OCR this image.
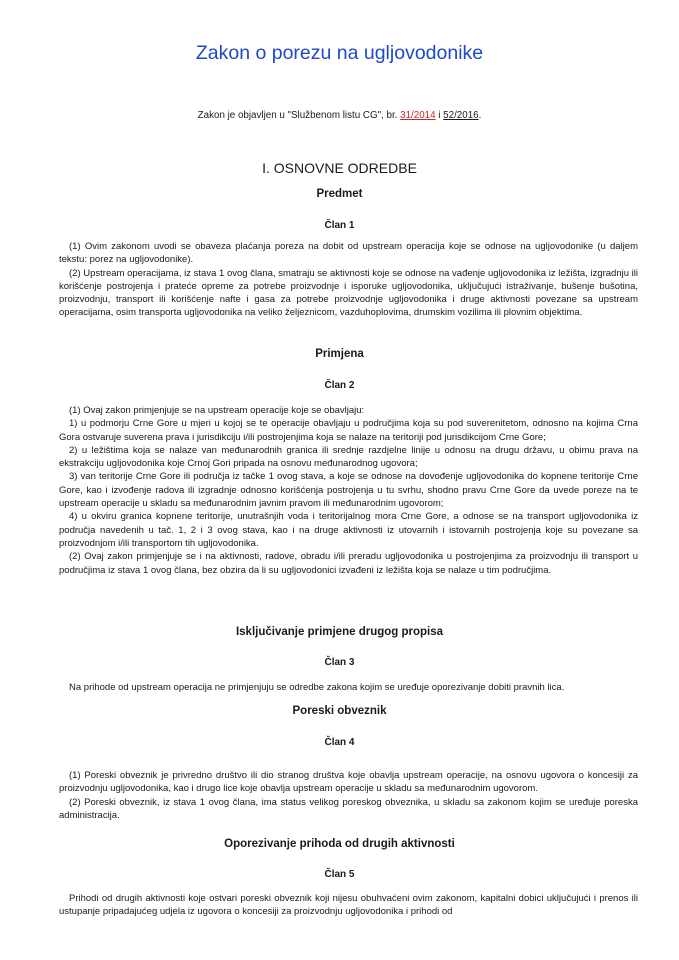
Zakon o porezu na ugljovodonike
Zakon je objavljen u "Službenom listu CG", br. 31/2014 i 52/2016.
I. OSNOVNE ODREDBE
Predmet
Član 1

(1) Ovim zakonom uvodi se obaveza plaćanja poreza na dobit od upstream operacija koje se odnose na ugljovodonike (u daljem tekstu: porez na ugljovodonike).

(2) Upstream operacijama, iz stava 1 ovog člana, smatraju se aktivnosti koje se odnose na vađenje ugljovodonika iz ležišta, izgradnju ili korišćenje postrojenja i prateće opreme za potrebe proizvodnje i isporuke ugljovodonika, uključujući istraživanje, bušenje bušotina, proizvodnju, transport ili korišćenje nafte i gasa za potrebe proizvodnje ugljovodonika i druge aktivnosti povezane sa upstream operacijama, osim transporta ugljovodonika na veliko željeznicom, vazduhoplovima, drumskim vozilima ili plovnim objektima.

Primjena
Član 2

(1) Ovaj zakon primjenjuje se na upstream operacije koje se obavljaju:

1) u podmorju Crne Gore u mjeri u kojoj se te operacije obavljaju u područjima koja su pod suverenitetom, odnosno na kojima Crna Gora ostvaruje suverena prava i jurisdikciju i/ili postrojenjima koja se nalaze na teritoriji pod jurisdikcijom Crne Gore;

2) u ležištima koja se nalaze van međunarodnih granica ili srednje razdjelne linije u odnosu na drugu državu, u obimu prava na ekstrakciju ugljovodonika koje Crnoj Gori pripada na osnovu međunarodnog ugovora;

3) van teritorije Crne Gore ili područja iz tačke 1 ovog stava, a koje se odnose na dovođenje ugljovodonika do kopnene teritorije Crne Gore, kao i izvođenje radova ili izgradnje odnosno korišćenja postrojenja u tu svrhu, shodno pravu Crne Gore da uvede poreze na te upstream operacije u skladu sa međunarodnim javnim pravom ili međunarodnim ugovorom;

4) u okviru granica kopnene teritorije, unutrašnjih voda i teritorijalnog mora Crne Gore, a odnose se na transport ugljovodonika iz područja navedenih u tač. 1, 2 i 3 ovog stava, kao i na druge aktivnosti iz utovarnih i istovarnih postrojenja koje su povezane sa proizvodnjom i/ili transportom tih ugljovodonika.

(2) Ovaj zakon primjenjuje se i na aktivnosti, radove, obradu i/ili preradu ugljovodonika u postrojenjima za proizvodnju ili transport u područjima iz stava 1 ovog člana, bez obzira da li su ugljovodonici izvađeni iz ležišta koja se nalaze u tim područjima.

Isključivanje primjene drugog propisa
Član 3

Na prihode od upstream operacija ne primjenjuju se odredbe zakona kojim se uređuje oporezivanje dobiti pravnih lica.

Poreski obveznik
Član 4

(1) Poreski obveznik je privredno društvo ili dio stranog društva koje obavlja upstream operacije, na osnovu ugovora o koncesiji za proizvodnju ugljovodonika, kao i drugo lice koje obavlja upstream operacije u skladu sa međunarodnim ugovorom.

(2) Poreski obveznik, iz stava 1 ovog člana, ima status velikog poreskog obveznika, u skladu sa zakonom kojim se uređuje poreska administracija.

Oporezivanje prihoda od drugih aktivnosti
Član 5

Prihodi od drugih aktivnosti koje ostvari poreski obveznik koji nijesu obuhvaćeni ovim zakonom, kapitalni dobici uključujući i prenos ili ustupanje pripadajućeg udjela iz ugovora o koncesiji za proizvodnju ugljovodonika i prihodi od
